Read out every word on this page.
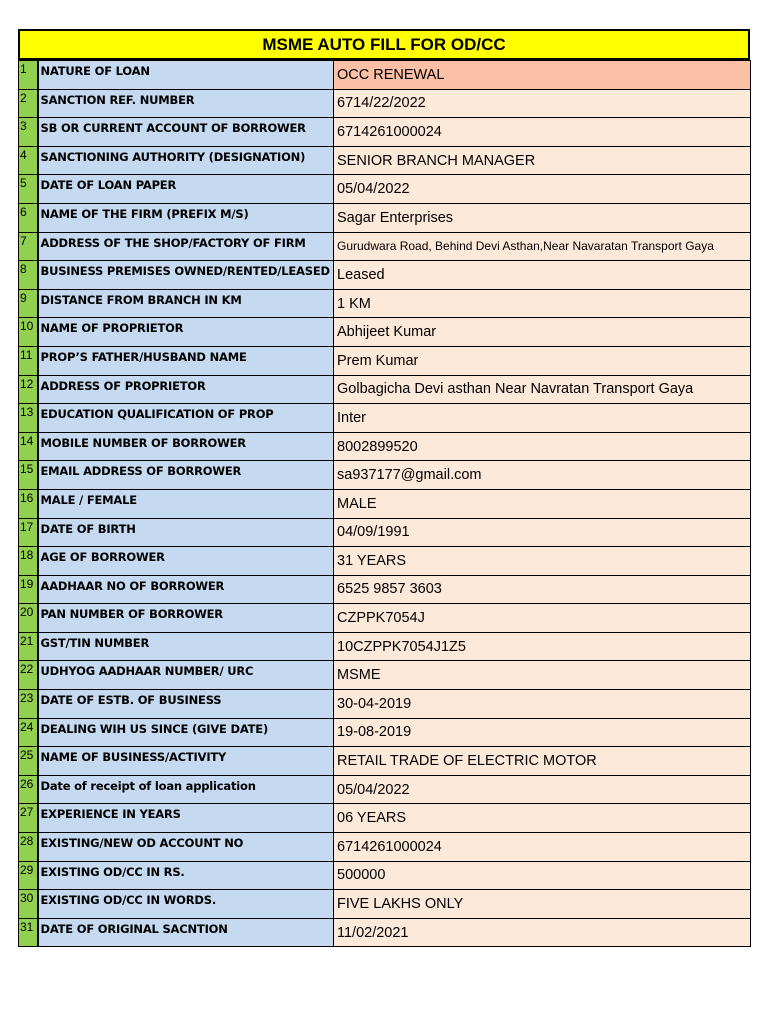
MSME AUTO FILL FOR OD/CC
1	NATURE OF LOAN	OCC RENEWAL
2	SANCTION REF. NUMBER	6714/22/2022
3	SB OR CURRENT ACCOUNT OF BORROWER	6714261000024
4	SANCTIONING AUTHORITY (DESIGNATION)	SENIOR BRANCH MANAGER
5	DATE OF LOAN PAPER	05/04/2022
6	NAME OF THE FIRM (PREFIX M/S)	Sagar Enterprises
7	ADDRESS OF THE SHOP/FACTORY OF FIRM	Gurudwara Road, Behind Devi Asthan,Near Navaratan Transport Gaya
8	BUSINESS PREMISES OWNED/RENTED/LEASED	Leased
9	DISTANCE FROM BRANCH IN KM	1 KM
10	NAME OF PROPRIETOR	Abhijeet Kumar
11	PROP’S FATHER/HUSBAND NAME	Prem Kumar
12	ADDRESS OF PROPRIETOR	Golbagicha Devi asthan Near Navratan Transport Gaya
13	EDUCATION QUALIFICATION OF PROP	Inter
14	MOBILE NUMBER OF BORROWER	8002899520
15	EMAIL ADDRESS OF BORROWER	sa937177@gmail.com
16	MALE / FEMALE	MALE
17	DATE OF BIRTH	04/09/1991
18	AGE OF BORROWER	31 YEARS
19	AADHAAR NO OF BORROWER	6525 9857 3603
20	PAN NUMBER OF BORROWER	CZPPK7054J
21	GST/TIN NUMBER	10CZPPK7054J1Z5
22	UDHYOG AADHAAR NUMBER/ URC	MSME
23	DATE OF ESTB. OF BUSINESS	30-04-2019
24	DEALING WIH US SINCE (GIVE DATE)	19-08-2019
25	NAME OF BUSINESS/ACTIVITY	RETAIL TRADE OF ELECTRIC MOTOR
26	Date of receipt of loan application	05/04/2022
27	EXPERIENCE IN YEARS	06 YEARS
28	EXISTING/NEW OD ACCOUNT NO	6714261000024
29	EXISTING OD/CC IN RS.	500000
30	EXISTING OD/CC IN WORDS.	FIVE LAKHS ONLY
31	DATE OF ORIGINAL SACNTION	11/02/2021
